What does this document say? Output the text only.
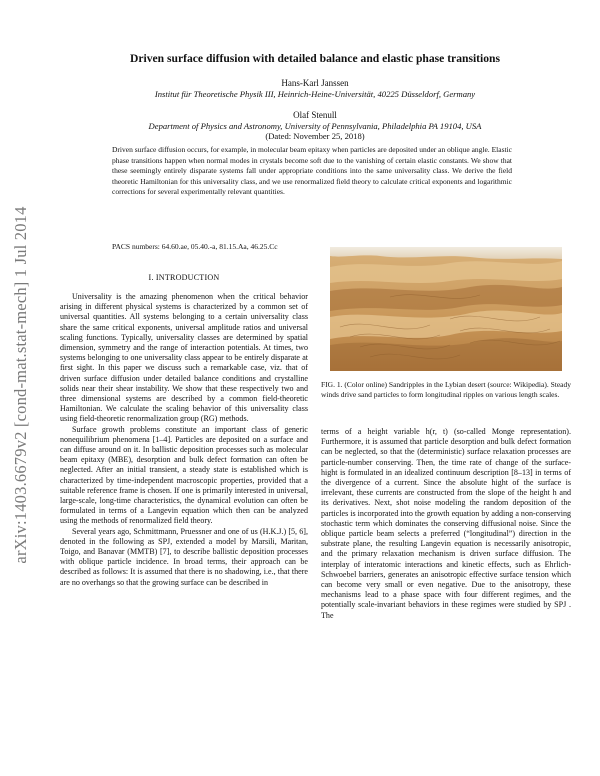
arXiv:1403.6679v2 [cond-mat.stat-mech] 1 Jul 2014
Driven surface diffusion with detailed balance and elastic phase transitions
Hans-Karl Janssen
Institut für Theoretische Physik III, Heinrich-Heine-Universität, 40225 Düsseldorf, Germany
Olaf Stenull
Department of Physics and Astronomy, University of Pennsylvania, Philadelphia PA 19104, USA
(Dated: November 25, 2018)
Driven surface diffusion occurs, for example, in molecular beam epitaxy when particles are deposited under an oblique angle. Elastic phase transitions happen when normal modes in crystals become soft due to the vanishing of certain elastic constants. We show that these seemingly entirely disparate systems fall under appropriate conditions into the same universality class. We derive the field theoretic Hamiltonian for this universality class, and we use renormalized field theory to calculate critical exponents and logarithmic corrections for several experimentally relevant quantities.
PACS numbers: 64.60.ae, 05.40.-a, 81.15.Aa, 46.25.Cc
I. INTRODUCTION

Universality is the amazing phenomenon when the critical behavior arising in different physical systems is characterized by a common set of universal quantities. All systems belonging to a certain universality class share the same critical exponents, universal amplitude ratios and universal scaling functions. Typically, universality classes are determined by spatial dimension, symmetry and the range of interaction potentials. At times, two systems belonging to one universality class appear to be entirely disparate at first sight. In this paper we discuss such a remarkable case, viz. that of driven surface diffusion under detailed balance conditions and crystalline solids near their shear instability. We show that these respectively two and three dimensional systems are described by a common field-theoretic Hamiltonian. We calculate the scaling behavior of this universality class using field-theoretic renormalization group (RG) methods.

Surface growth problems constitute an important class of generic nonequilibrium phenomena [1–4]. Particles are deposited on a surface and can diffuse around on it. In ballistic deposition processes such as molecular beam epitaxy (MBE), desorption and bulk defect formation can often be neglected. After an initial transient, a steady state is established which is characterized by time-independent macroscopic properties, provided that a suitable reference frame is chosen. If one is primarily interested in universal, large-scale, long-time characteristics, the dynamical evolution can often be formulated in terms of a Langevin equation which then can be analyzed using the methods of renormalized field theory.

Several years ago, Schmittmann, Pruessner and one of us (H.K.J.) [5, 6], denoted in the following as SPJ, extended a model by Marsili, Maritan, Toigo, and Banavar (MMTB) [7], to describe ballistic deposition processes with oblique particle incidence. In broad terms, their approach can be described as follows: It is assumed that there is no shadowing, i.e., that there are no overhangs so that the growing surface can be described in

FIG. 1. (Color online) Sandripples in the Lybian desert (source: Wikipedia). Steady winds drive sand particles to form longitudinal ripples on various length scales.

terms of a height variable h(r, t) (so-called Monge representation). Furthermore, it is assumed that particle desorption and bulk defect formation can be neglected, so that the (deterministic) surface relaxation processes are particle-number conserving. Then, the time rate of change of the surface-hight is formulated in an idealized continuum description [8–13] in terms of the divergence of a current. Since the absolute hight of the surface is irrelevant, these currents are constructed from the slope of the height h and its derivatives. Next, shot noise modeling the random deposition of the particles is incorporated into the growth equation by adding a non-conserving stochastic term which dominates the conserving diffusional noise. Since the oblique particle beam selects a preferred (“longitudinal”) direction in the substrate plane, the resulting Langevin equation is necessarily anisotropic, and the primary relaxation mechanism is driven surface diffusion. The interplay of interatomic interactions and kinetic effects, such as Ehrlich-Schwoebel barriers, generates an anisotropic effective surface tension which can become very small or even negative. Due to the anisotropy, these mechanisms lead to a phase space with four different regimes, and the potentially scale-invariant behaviors in these regimes were studied by SPJ . The
